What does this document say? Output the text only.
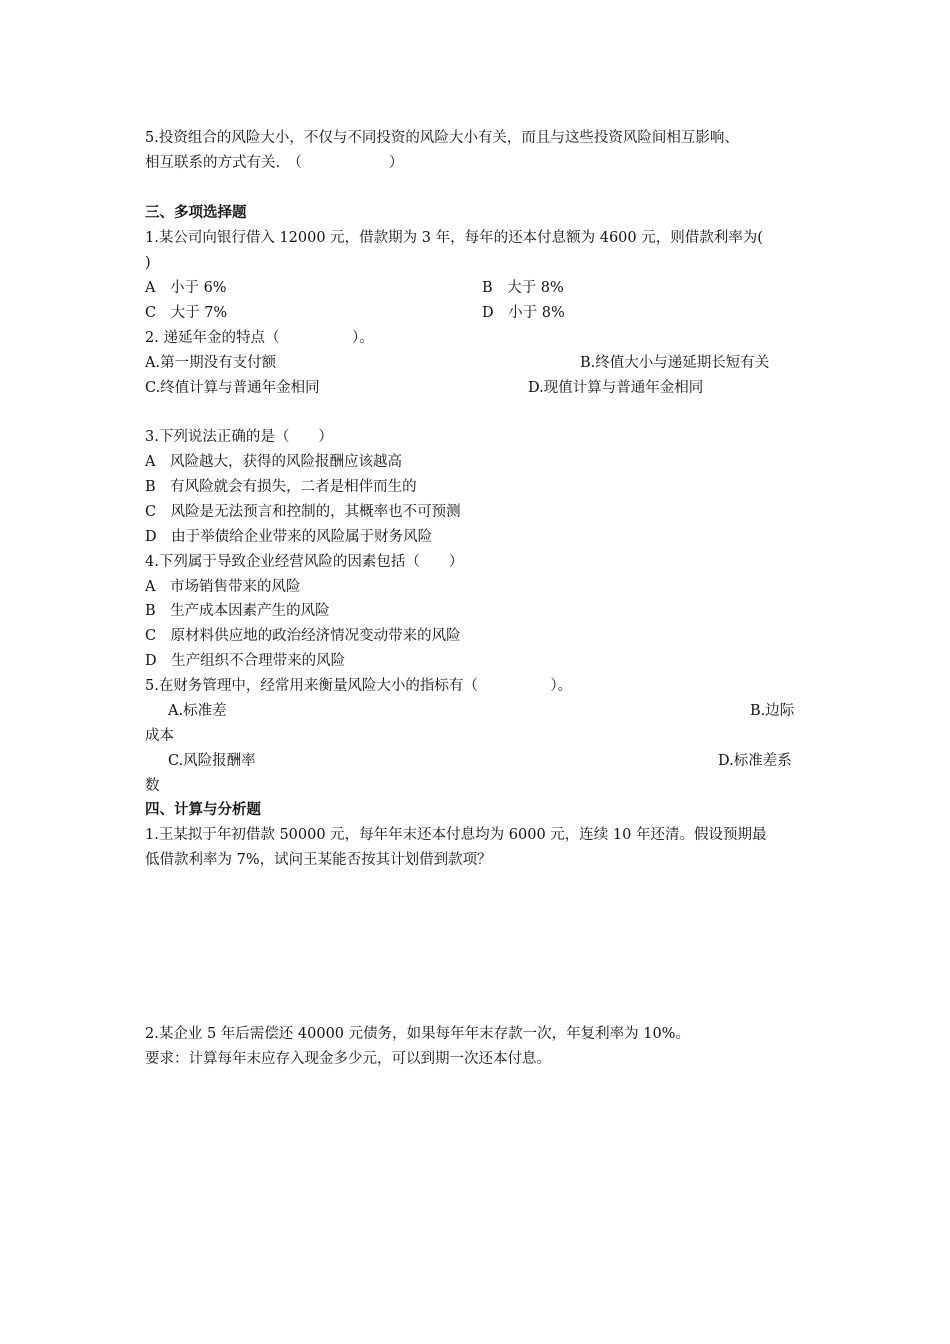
5.投资组合的风险大小，不仅与不同投资的风险大小有关，而且与这些投资风险间相互影响、
相互联系的方式有关.　（　　　　　　）
三、多项选择题
1.某公司向银行借入 12000 元，借款期为 3 年，每年的还本付息额为 4600 元，则借款利率为(
)
A　小于 6%	B　大于 8%
C　大于 7%	D　小于 8%
2. 递延年金的特点（　　　　　）。
A.第一期没有支付额	B.终值大小与递延期长短有关
C.终值计算与普通年金相同	D.现值计算与普通年金相同
3.下列说法正确的是（　　）
A　风险越大，获得的风险报酬应该越高
B　有风险就会有损失，二者是相伴而生的
C　风险是无法预言和控制的，其概率也不可预测
D　由于举债给企业带来的风险属于财务风险
4.下列属于导致企业经营风险的因素包括（　　）
A　市场销售带来的风险
B　生产成本因素产生的风险
C　原材料供应地的政治经济情况变动带来的风险
D　生产组织不合理带来的风险
5.在财务管理中，经常用来衡量风险大小的指标有（　　　　　）。
A.标准差	B.边际
成本
C.风险报酬率	D.标准差系
数
四、计算与分析题
1.王某拟于年初借款 50000 元，每年年末还本付息均为 6000 元，连续 10 年还清。假设预期最
低借款利率为 7%，试问王某能否按其计划借到款项？
2.某企业 5 年后需偿还 40000 元债务，如果每年年末存款一次，年复利率为 10%。
要求：计算每年末应存入现金多少元，可以到期一次还本付息。
